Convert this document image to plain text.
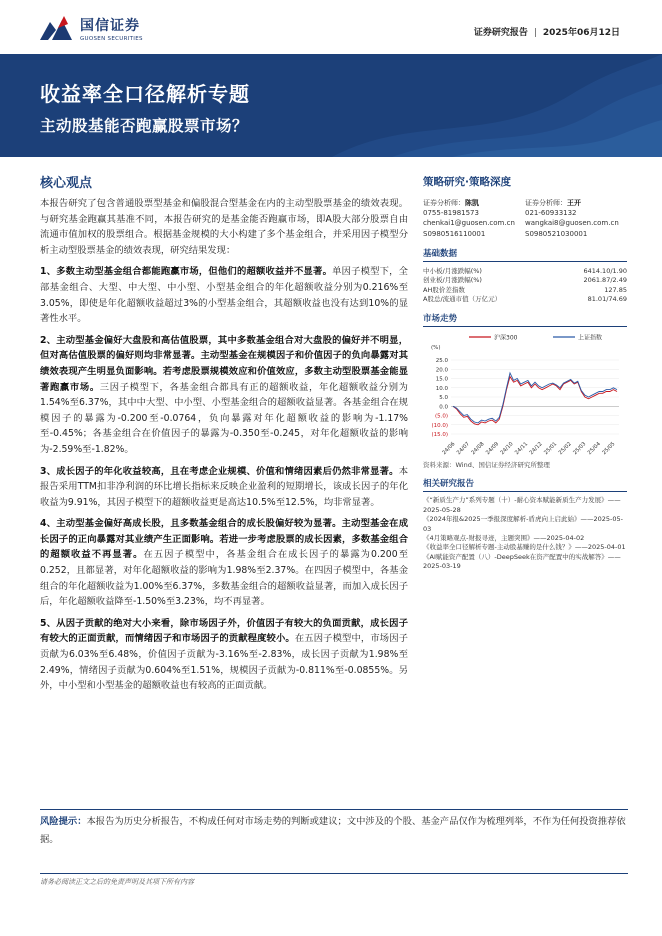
国信证券
GUOSEN SECURITIES
证券研究报告 | 2025年06月12日
收益率全口径解析专题
主动股基能否跑赢股票市场？
核心观点
本报告研究了包含普通股票型基金和偏股混合型基金在内的主动型股票基金的绩效表现。与研究基金跑赢其基准不同，本报告研究的是基金能否跑赢市场，即A股大部分股票自由流通市值加权的股票组合。根据基金规模的大小构建了多个基金组合，并采用因子模型分析主动型股票基金的绩效表现，研究结果发现：
1、多数主动型基金组合都能跑赢市场，但他们的超额收益并不显著。单因子模型下，全部基金组合、大型、中大型、中小型、小型基金组合的年化超额收益分别为0.216%至3.05%，即使是年化超额收益超过3%的小型基金组合，其超额收益也没有达到10%的显著性水平。
2、主动型基金偏好大盘股和高估值股票，其中多数基金组合对大盘股的偏好并不明显，但对高估值股票的偏好则均非常显著。主动型基金在规模因子和价值因子的负向暴露对其绩效表现产生明显负面影响。若考虑股票规模效应和价值效应，多数主动型股票基金能显著跑赢市场。三因子模型下，各基金组合都具有正的超额收益，年化超额收益分别为1.54%至6.37%，其中中大型、中小型、小型基金组合的超额收益显著。各基金组合在规模因子的暴露为-0.200至-0.0764，负向暴露对年化超额收益的影响为-1.17%至-0.45%；各基金组合在价值因子的暴露为-0.350至-0.245，对年化超额收益的影响为-2.59%至-1.82%。
3、成长因子的年化收益较高，且在考虑企业规模、价值和情绪因素后仍然非常显著。本报告采用TTM扣非净利润的环比增长指标来反映企业盈利的短期增长，该成长因子的年化收益为9.91%，其因子模型下的超额收益更是高达10.5%至12.5%，均非常显著。
4、主动型基金偏好高成长股，且多数基金组合的成长股偏好较为显著。主动型基金在成长因子的正向暴露对其业绩产生正面影响。若进一步考虑股票的成长因素，多数基金组合的超额收益不再显著。在五因子模型中，各基金组合在成长因子的暴露为0.200至0.252，且都显著，对年化超额收益的影响为1.98%至2.37%。在四因子模型中，各基金组合的年化超额收益为1.00%至6.37%，多数基金组合的超额收益显著，而加入成长因子后，年化超额收益降至-1.50%至3.23%，均不再显著。
5、从因子贡献的绝对大小来看，除市场因子外，价值因子有较大的负面贡献，成长因子有较大的正面贡献，而情绪因子和市场因子的贡献程度较小。在五因子模型中，市场因子贡献为6.03%至6.48%，价值因子贡献为-3.16%至-2.83%，成长因子贡献为1.98%至2.49%，情绪因子贡献为0.604%至1.51%，规模因子贡献为-0.811%至-0.0855%。另外，中小型和小型基金的超额收益也有较高的正面贡献。
策略研究·策略深度
证券分析师：陈凯
0755-81981573
chenkai1@guosen.com.cn
S0980516110001
证券分析师：王开
021-60933132
wangkai8@guosen.com.cn
S0980521030001
基础数据
中小板/月涨跌幅(%)	6414.10/1.90
创业板/月涨跌幅(%)	2061.87/2.49
AH股价差指数	127.85
A股总/流通市值（万亿元）	81.01/74.69
市场走势
沪深300	上证指数
(%)
25.0
20.0
15.0
10.0
5.0
0.0
(5.0)
(10.0)
(15.0)
24/06 24/07 24/08 24/09 24/10 24/11 24/12 25/01 25/02 25/03 25/04 25/05
资料来源：Wind、国信证券经济研究所整理
相关研究报告
《“新质生产力”系列专题（十）-耐心资本赋能新质生产力发展》——2025-05-28
《2024年报&2025一季报深度解析-盾虎向上启此始》——2025-05-03
《4月策略观点-财报寻迹，主题突围》——2025-04-02
《收益率全口径解析专题-主动股基赚的是什么钱？》——2025-04-01
《AI赋能资产配置（八）-DeepSeek在资产配置中的实战解答》——2025-03-19
风险提示：本报告为历史分析报告，不构成任何对市场走势的判断或建议；文中涉及的个股、基金产品仅作为梳理列举，不作为任何投资推荐依据。
请务必阅读正文之后的免责声明及其项下所有内容
